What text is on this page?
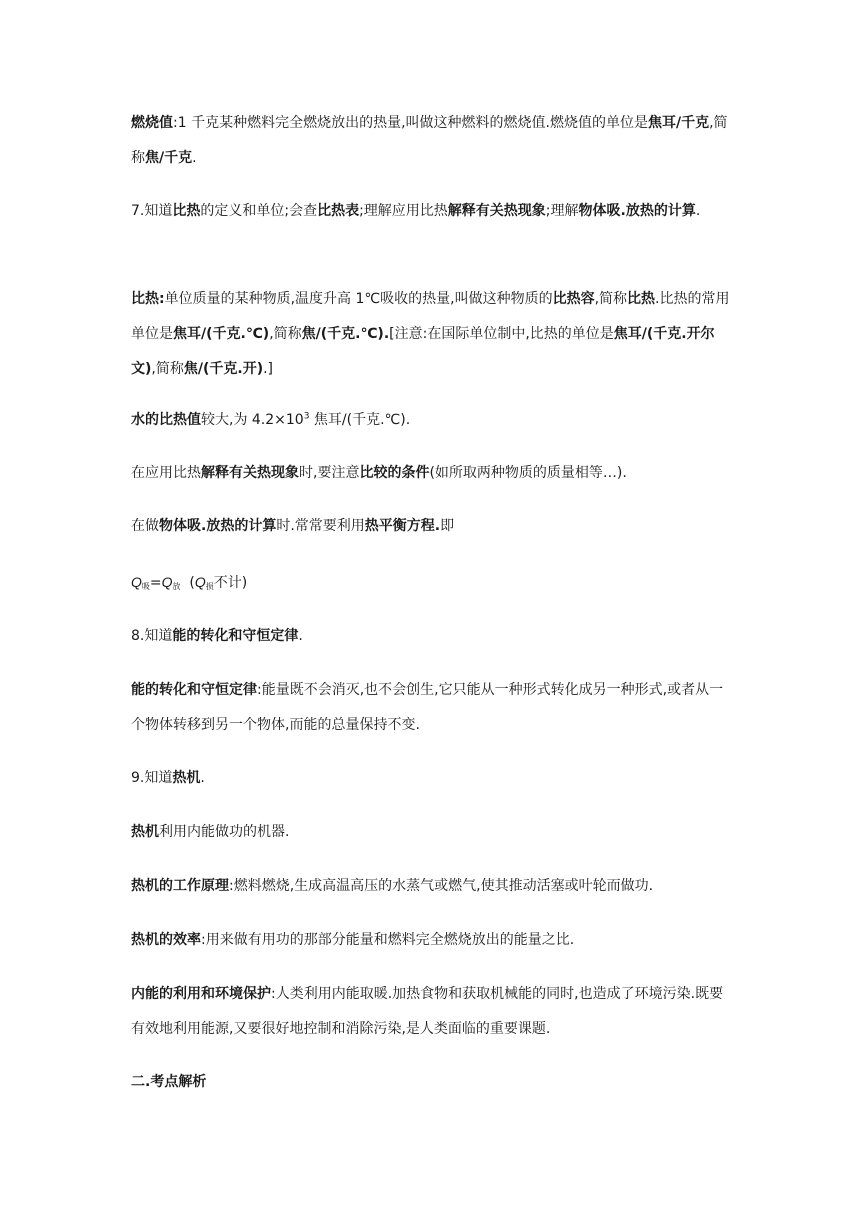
燃烧值:1 千克某种燃料完全燃烧放出的热量,叫做这种燃料的燃烧值.燃烧值的单位是焦耳/千克,简称焦/千克.

7.知道比热的定义和单位;会查比热表;理解应用比热解释有关热现象;理解物体吸.放热的计算.

比热:单位质量的某种物质,温度升高 1℃吸收的热量,叫做这种物质的比热容,简称比热.比热的常用单位是焦耳/(千克.℃),简称焦/(千克.℃).[注意:在国际单位制中,比热的单位是焦耳/(千克.开尔文),简称焦/(千克.开).]

水的比热值较大,为 $4.2\times 10^3$ 焦耳/(千克.℃).

在应用比热解释有关热现象时,要注意比较的条件(如所取两种物质的质量相等…).

在做物体吸.放热的计算时.常常要利用热平衡方程.即

$Q_吸=Q_放$  ($Q_损$不计)

8.知道能的转化和守恒定律.

能的转化和守恒定律:能量既不会消灭,也不会创生,它只能从一种形式转化成另一种形式,或者从一个物体转移到另一个物体,而能的总量保持不变.

9.知道热机.

热机利用内能做功的机器.

热机的工作原理:燃料燃烧,生成高温高压的水蒸气或燃气,使其推动活塞或叶轮而做功.

热机的效率:用来做有用功的那部分能量和燃料完全燃烧放出的能量之比.

内能的利用和环境保护:人类利用内能取暖.加热食物和获取机械能的同时,也造成了环境污染.既要有效地利用能源,又要很好地控制和消除污染,是人类面临的重要课题.

二.考点解析
